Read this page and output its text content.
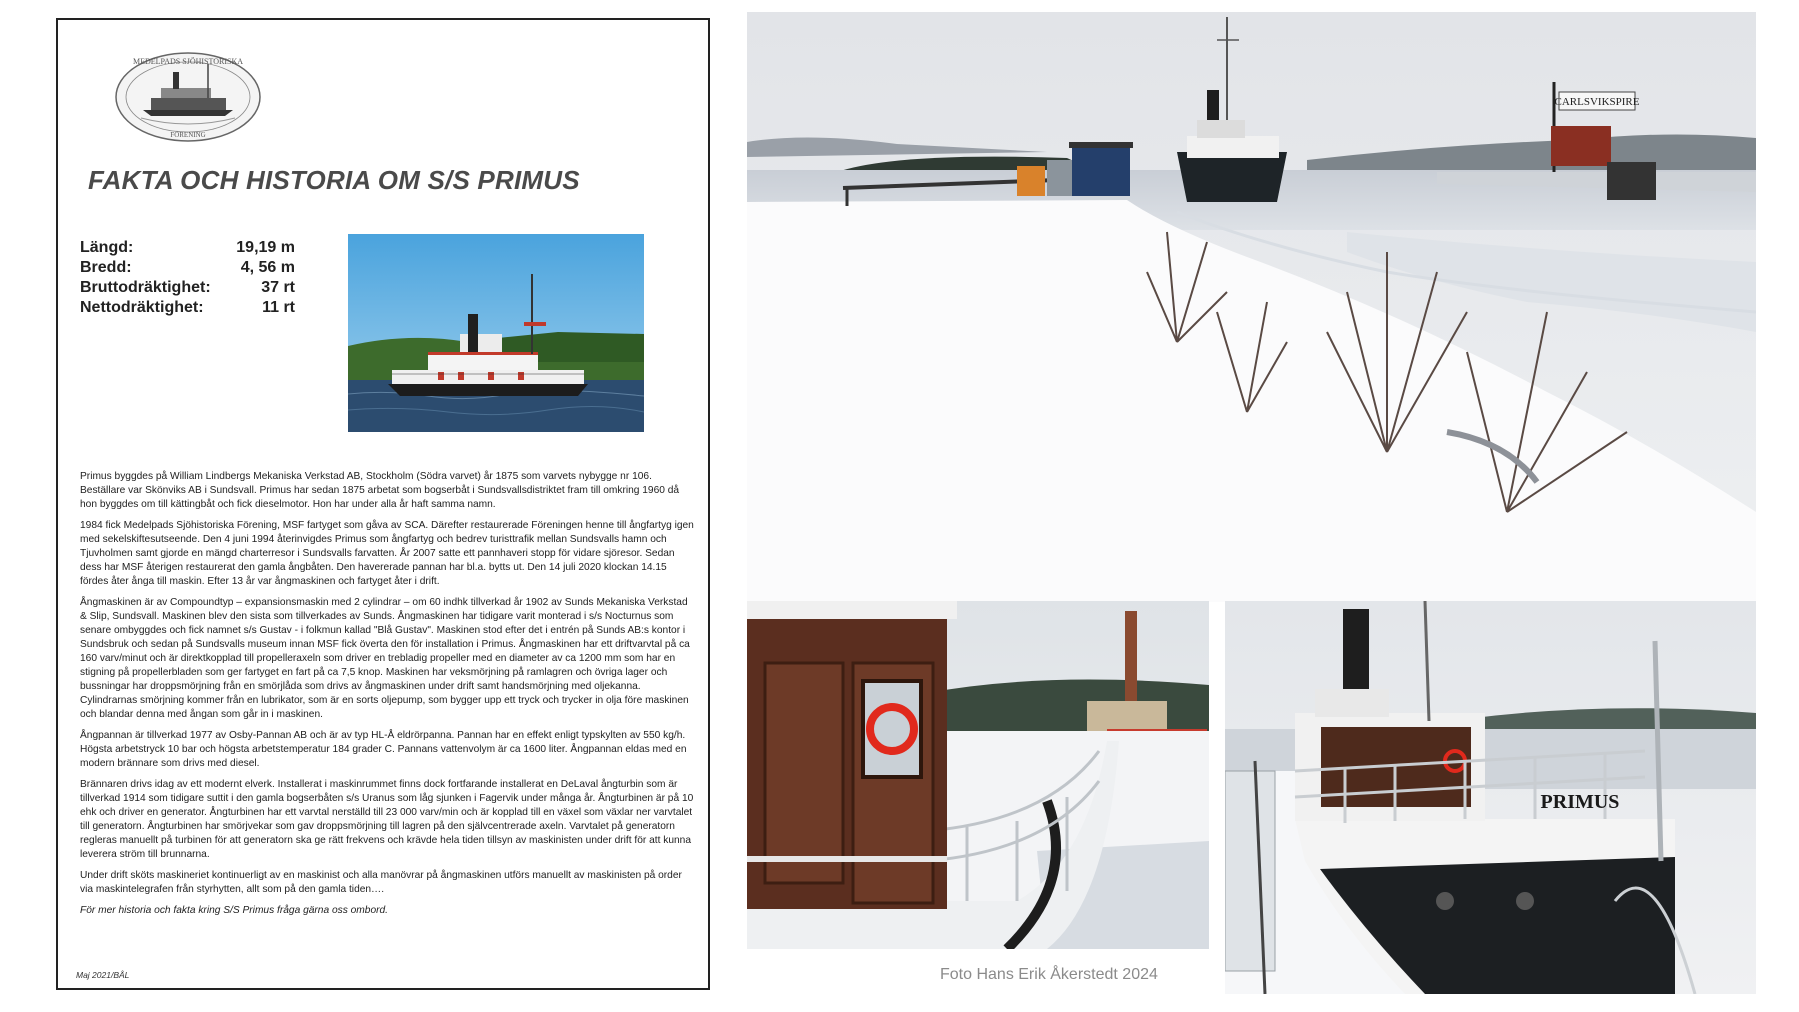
MEDELPADS SJÖHISTORISKA
FÖRENING
FAKTA OCH HISTORIA OM S/S PRIMUS
Längd:	19,19 m
Bredd:	4, 56 m
Bruttodräktighet:	37 rt
Nettodräktighet:	11 rt

Primus byggdes på William Lindbergs Mekaniska Verkstad AB, Stockholm (Södra varvet) år 1875 som varvets nybygge nr 106. Beställare var Skönviks AB i Sundsvall. Primus har sedan 1875 arbetat som bogserbåt i Sundsvallsdistriktet fram till omkring 1960 då hon byggdes om till kättingbåt och fick dieselmotor. Hon har under alla år haft samma namn.

1984 fick Medelpads Sjöhistoriska Förening, MSF fartyget som gåva av SCA. Därefter restaurerade Föreningen henne till ångfartyg igen med sekelskiftesutseende. Den 4 juni 1994 återinvigdes Primus som ångfartyg och bedrev turisttrafik mellan Sundsvalls hamn och Tjuvholmen samt gjorde en mängd charterresor i Sundsvalls farvatten. År 2007 satte ett pannhaveri stopp för vidare sjöresor. Sedan dess har MSF återigen restaurerat den gamla ångbåten. Den havererade pannan har bl.a. bytts ut. Den 14 juli 2020 klockan 14.15 fördes åter ånga till maskin. Efter 13 år var ångmaskinen och fartyget åter i drift.

Ångmaskinen är av Compoundtyp – expansionsmaskin med 2 cylindrar – om 60 indhk tillverkad år 1902 av Sunds Mekaniska Verkstad & Slip, Sundsvall. Maskinen blev den sista som tillverkades av Sunds. Ångmaskinen har tidigare varit monterad i s/s Nocturnus som senare ombyggdes och fick namnet s/s Gustav - i folkmun kallad "Blå Gustav". Maskinen stod efter det i entrén på Sunds AB:s kontor i Sundsbruk och sedan på Sundsvalls museum innan MSF fick överta den för installation i Primus. Ångmaskinen har ett driftvarvtal på ca 160 varv/minut och är direktkopplad till propelleraxeln som driver en trebladig propeller med en diameter av ca 1200 mm som har en stigning på propellerbladen som ger fartyget en fart på ca 7,5 knop. Maskinen har veksmörjning på ramlagren och övriga lager och bussningar har droppsmörjning från en smörjlåda som drivs av ångmaskinen under drift samt handsmörjning med oljekanna. Cylindrarnas smörjning kommer från en lubrikator, som är en sorts oljepump, som bygger upp ett tryck och trycker in olja före maskinen och blandar denna med ångan som går in i maskinen.

Ångpannan är tillverkad 1977 av Osby-Pannan AB och är av typ HL-Å eldrörpanna. Pannan har en effekt enligt typskylten av 550 kg/h. Högsta arbetstryck 10 bar och högsta arbetstemperatur 184 grader C. Pannans vattenvolym är ca 1600 liter. Ångpannan eldas med en modern brännare som drivs med diesel.

Brännaren drivs idag av ett modernt elverk. Installerat i maskinrummet finns dock fortfarande installerat en DeLaval ångturbin som är tillverkad 1914 som tidigare suttit i den gamla bogserbåten s/s Uranus som låg sjunken i Fagervik under många år. Ångturbinen är på 10 ehk och driver en generator. Ångturbinen har ett varvtal nerställd till 23 000 varv/min och är kopplad till en växel som växlar ner varvtalet till generatorn. Ångturbinen har smörjvekar som gav droppsmörjning till lagren på den självcentrerade axeln. Varvtalet på generatorn regleras manuellt på turbinen för att generatorn ska ge rätt frekvens och krävde hela tiden tillsyn av maskinisten under drift för att kunna leverera ström till brunnarna.

Under drift sköts maskineriet kontinuerligt av en maskinist och alla manövrar på ångmaskinen utförs manuellt av maskinisten på order via maskintelegrafen från styrhytten, allt som på den gamla tiden….

För mer historia och fakta kring S/S Primus fråga gärna oss ombord.

Maj 2021/BÅL
CARLSVIKSPIRE
PRIMUS
Foto Hans Erik Åkerstedt 2024
